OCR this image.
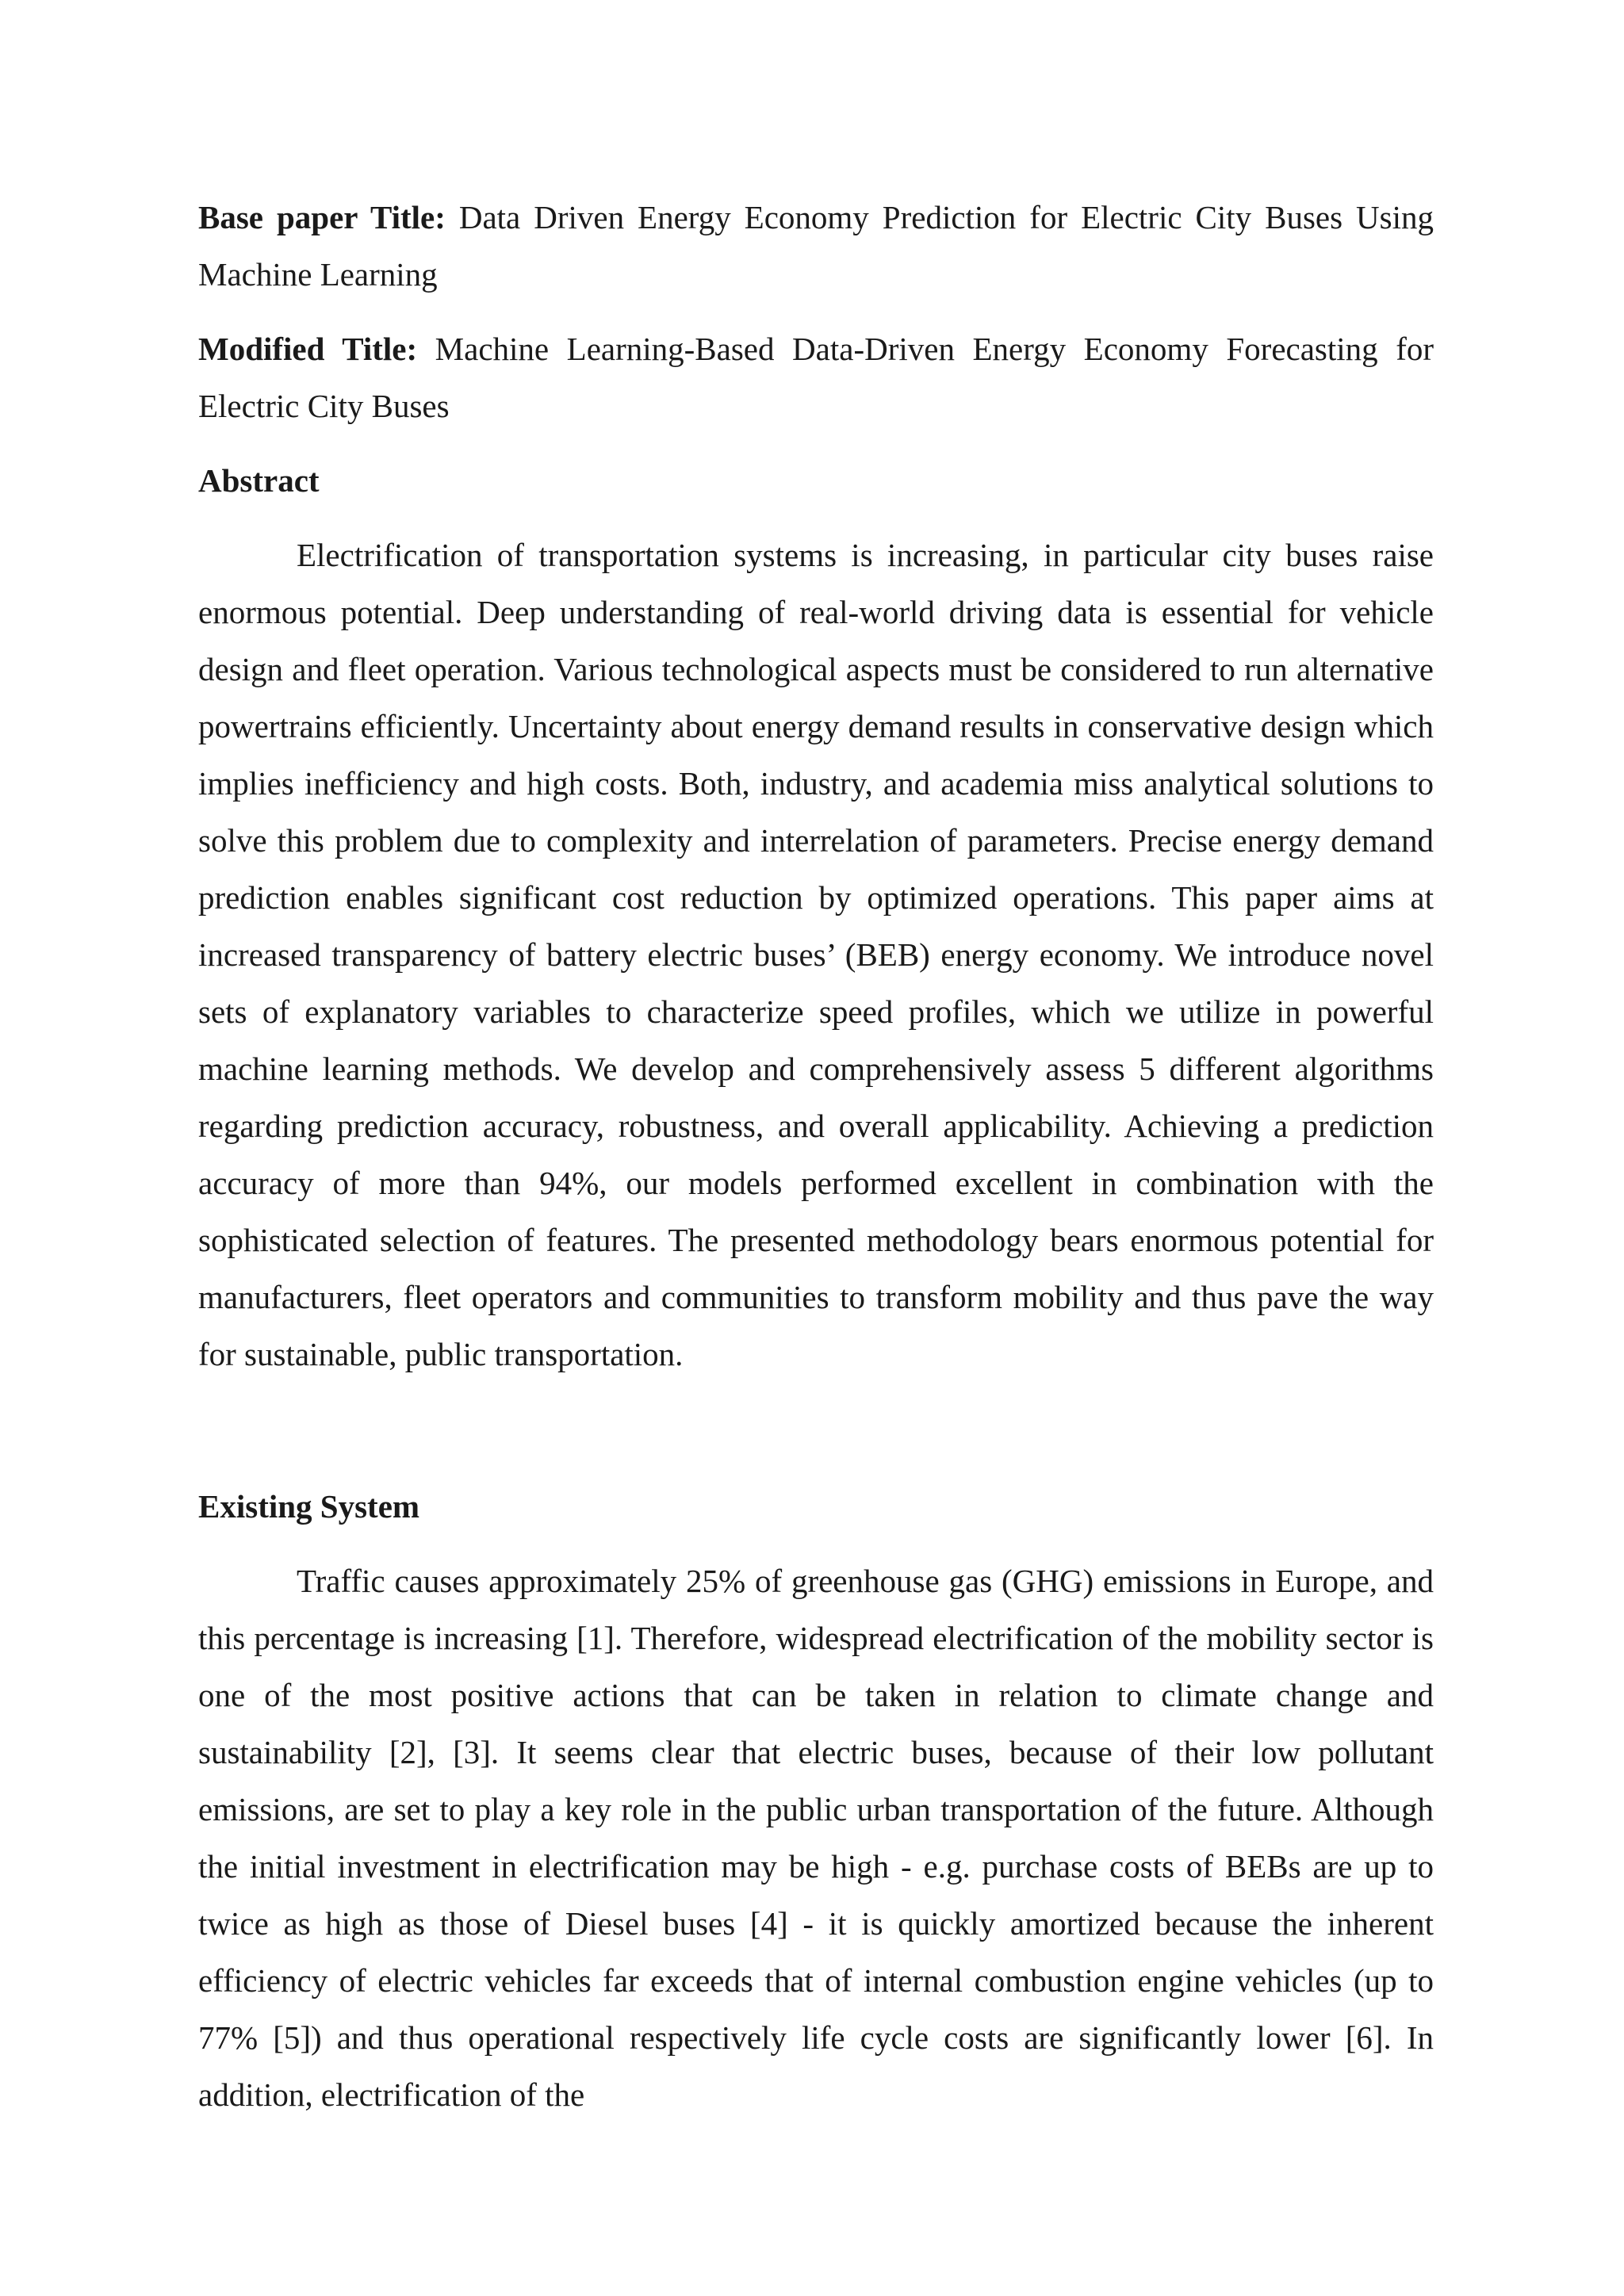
Base paper Title: Data Driven Energy Economy Prediction for Electric City Buses Using Machine Learning

Modified Title: Machine Learning-Based Data-Driven Energy Economy Forecasting for Electric City Buses

Abstract

Electrification of transportation systems is increasing, in particular city buses raise enormous potential. Deep understanding of real-world driving data is essential for vehicle design and fleet operation. Various technological aspects must be considered to run alternative powertrains efficiently. Uncertainty about energy demand results in conservative design which implies inefficiency and high costs. Both, industry, and academia miss analytical solutions to solve this problem due to complexity and interrelation of parameters. Precise energy demand prediction enables significant cost reduction by optimized operations. This paper aims at increased transparency of battery electric buses’ (BEB) energy economy. We introduce novel sets of explanatory variables to characterize speed profiles, which we utilize in powerful machine learning methods. We develop and comprehensively assess 5 different algorithms regarding prediction accuracy, robustness, and overall applicability. Achieving a prediction accuracy of more than 94%, our models performed excellent in combination with the sophisticated selection of features. The presented methodology bears enormous potential for manufacturers, fleet operators and communities to transform mobility and thus pave the way for sustainable, public transportation.

Existing System

Traffic causes approximately 25% of greenhouse gas (GHG) emissions in Europe, and this percentage is increasing [1]. Therefore, widespread electrification of the mobility sector is one of the most positive actions that can be taken in relation to climate change and sustainability [2], [3]. It seems clear that electric buses, because of their low pollutant emissions, are set to play a key role in the public urban transportation of the future. Although the initial investment in electrification may be high - e.g. purchase costs of BEBs are up to twice as high as those of Diesel buses [4] - it is quickly amortized because the inherent efficiency of electric vehicles far exceeds that of internal combustion engine vehicles (up to 77% [5]) and thus operational respectively life cycle costs are significantly lower [6]. In addition, electrification of the
